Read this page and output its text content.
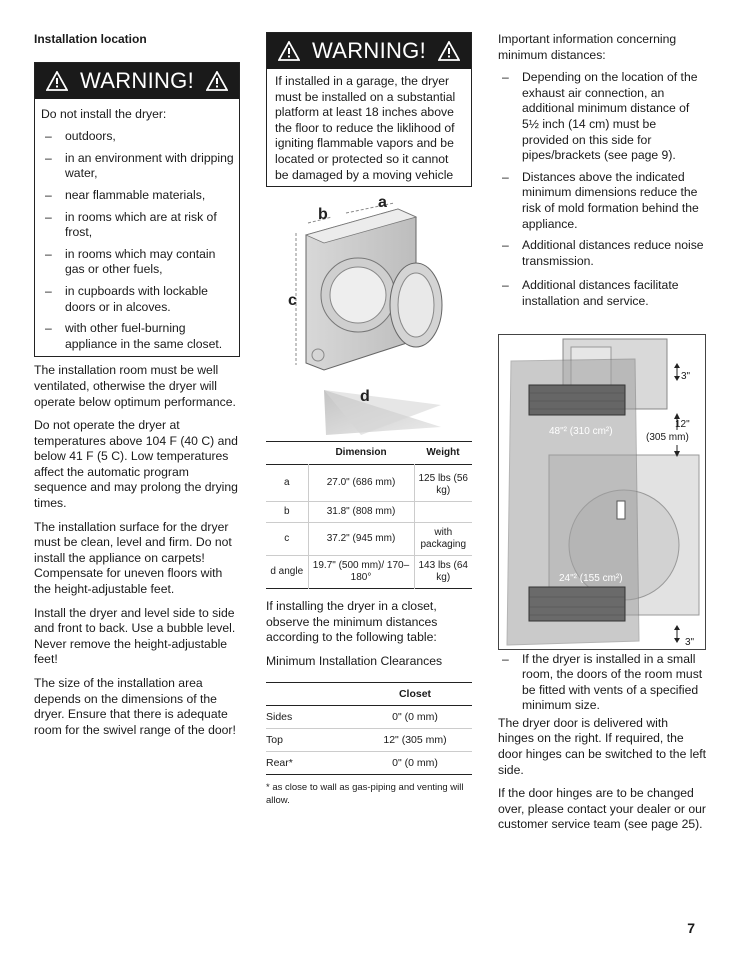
Installation location

WARNING!

Do not install the dryer:

– outdoors,
– in an environment with dripping water,
– near flammable materials,
– in rooms which are at risk of frost,
– in rooms which may contain gas or other fuels,
– in cupboards with lockable doors or in alcoves.
– with other fuel-burning appliance in the same closet.

The installation room must be well ventilated, otherwise the dryer will operate below optimum performance.

Do not operate the dryer at temperatures above 104 F (40 C) and below 41 F (5 C). Low temperatures affect the automatic program sequence and may prolong the drying times.

The installation surface for the dryer must be clean, level and firm. Do not install the appliance on carpets! Compensate for uneven floors with the height-adjustable feet.

Install the dryer and level side to side and front to back. Use a bubble level. Never remove the height-adjustable feet!

The size of the installation area depends on the dimensions of the dryer. Ensure that there is adequate room for the swivel range of the door!

WARNING!
If installed in a garage, the dryer must be installed on a substantial platform at least 18 inches above the floor to reduce the liklihood of igniting flammable vapors and be located or protected so it cannot be damaged by a moving vehicle
a
b
c
d
	Dimension	Weight
a	27.0" (686 mm)	125 lbs (56 kg)
b	31.8" (808 mm)	
c	37.2" (945 mm)	with packaging
d angle	19.7" (500 mm)/ 170–180°	143 lbs (64 kg)

If installing the dryer in a closet, observe the minimum distances according to the following table:

Minimum Installation Clearances

	Closet
Sides	0" (0 mm)
Top	12" (305 mm)
Rear*	0" (0 mm)

* as close to wall as gas-piping and venting will allow.

Important information concerning minimum distances:

– Depending on the location of the exhaust air connection, an additional minimum distance of 5½ inch (14 cm) must be provided on this side for pipes/brackets (see page 9).
– Distances above the indicated minimum dimensions reduce the risk of mold formation behind the appliance.
– Additional distances reduce noise transmission.
– Additional distances facilitate installation and service.
3"
12"
(305 mm)
48"² (310 cm²)
24"² (155 cm²)
3"
– If the dryer is installed in a small room, the doors of the room must be fitted with vents of a specified minimum size.

The dryer door is delivered with hinges on the right. If required, the door hinges can be switched to the left side.

If the door hinges are to be changed over, please contact your dealer or our customer service team (see page 25).

7
